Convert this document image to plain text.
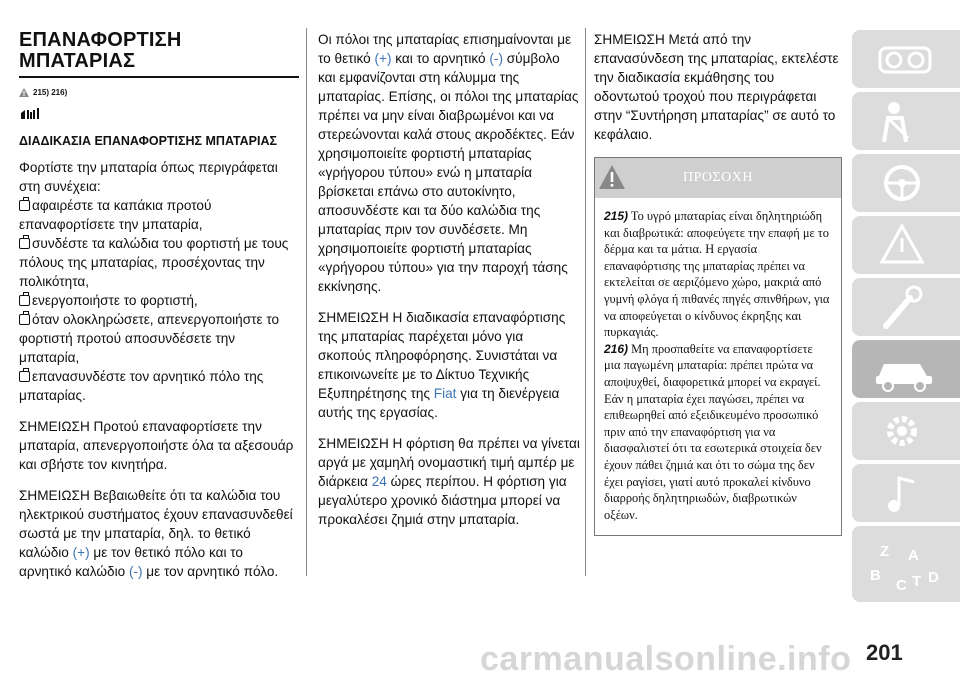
ΕΠΑΝΑΦΟΡΤΙΣΗ ΜΠΑΤΑΡΙΑΣ
215) 216)
ΔΙΑΔΙΚΑΣΙΑ ΕΠΑΝΑΦΟΡΤΙΣΗΣ ΜΠΑΤΑΡΙΑΣ
Φορτίστε την μπαταρία όπως περιγράφεται στη συνέχεια:
αφαιρέστε τα καπάκια προτού επαναφορτίσετε την μπαταρία,
συνδέστε τα καλώδια του φορτιστή με τους πόλους της μπαταρίας, προσέχοντας την πολικότητα,
ενεργοποιήστε το φορτιστή,
όταν ολοκληρώσετε, απενεργοποιήστε το φορτιστή προτού αποσυνδέσετε την μπαταρία,
επανασυνδέστε τον αρνητικό πόλο της μπαταρίας.
ΣΗΜΕΙΩΣΗ Προτού επαναφορτίσετε την μπαταρία, απενεργοποιήστε όλα τα αξεσουάρ και σβήστε τον κινητήρα.
ΣΗΜΕΙΩΣΗ Βεβαιωθείτε ότι τα καλώδια του ηλεκτρικού συστήματος έχουν επανασυνδεθεί σωστά με την μπαταρία, δηλ. το θετικό καλώδιο (+) με τον θετικό πόλο και το αρνητικό καλώδιο (-) με τον αρνητικό πόλο.
Οι πόλοι της μπαταρίας επισημαίνονται με το θετικό (+) και το αρνητικό (-) σύμβολο και εμφανίζονται στη κάλυμμα της μπαταρίας. Επίσης, οι πόλοι της μπαταρίας πρέπει να μην είναι διαβρωμένοι και να στερεώνονται καλά στους ακροδέκτες. Εάν χρησιμοποιείτε φορτιστή μπαταρίας «γρήγορου τύπου» ενώ η μπαταρία βρίσκεται επάνω στο αυτοκίνητο, αποσυνδέστε και τα δύο καλώδια της μπαταρίας πριν τον συνδέσετε. Μη χρησιμοποιείτε φορτιστή μπαταρίας «γρήγορου τύπου» για την παροχή τάσης εκκίνησης.
ΣΗΜΕΙΩΣΗ Η διαδικασία επαναφόρτισης της μπαταρίας παρέχεται μόνο για σκοπούς πληροφόρησης. Συνιστάται να επικοινωνείτε με το Δίκτυο Τεχνικής Εξυπηρέτησης της Fiat για τη διενέργεια αυτής της εργασίας.
ΣΗΜΕΙΩΣΗ Η φόρτιση θα πρέπει να γίνεται αργά με χαμηλή ονομαστική τιμή αμπέρ με διάρκεια 24 ώρες περίπου. Η φόρτιση για μεγαλύτερο χρονικό διάστημα μπορεί να προκαλέσει ζημιά στην μπαταρία.
ΣΗΜΕΙΩΣΗ Μετά από την επανασύνδεση της μπαταρίας, εκτελέστε την διαδικασία εκμάθησης του οδοντωτού τροχού που περιγράφεται στην “Συντήρηση μπαταρίας” σε αυτό το κεφάλαιο.
ΠΡΟΣΟΧΗ
215) Το υγρό μπαταρίας είναι δηλητηριώδη και διαβρωτικά: αποφεύγετε την επαφή με το δέρμα και τα μάτια. Η εργασία επαναφόρτισης της μπαταρίας πρέπει να εκτελείται σε αεριζόμενο χώρο, μακριά από γυμνή φλόγα ή πιθανές πηγές σπινθήρων, για να αποφεύγεται ο κίνδυνος έκρηξης και πυρκαγιάς.
216) Μη προσπαθείτε να επαναφορτίσετε μια παγωμένη μπαταρία: πρέπει πρώτα να αποψυχθεί, διαφορετικά μπορεί να εκραγεί. Εάν η μπαταρία έχει παγώσει, πρέπει να επιθεωρηθεί από εξειδικευμένο προσωπικό πριν από την επαναφόρτιση για να διασφαλιστεί ότι τα εσωτερικά στοιχεία δεν έχουν πάθει ζημιά και ότι το σώμα της δεν έχει ραγίσει, γιατί αυτό προκαλεί κίνδυνο διαρροής δηλητηριωδών, διαβρωτικών οξέων.
Z A
B
C T D
carmanualsonline.info 201
